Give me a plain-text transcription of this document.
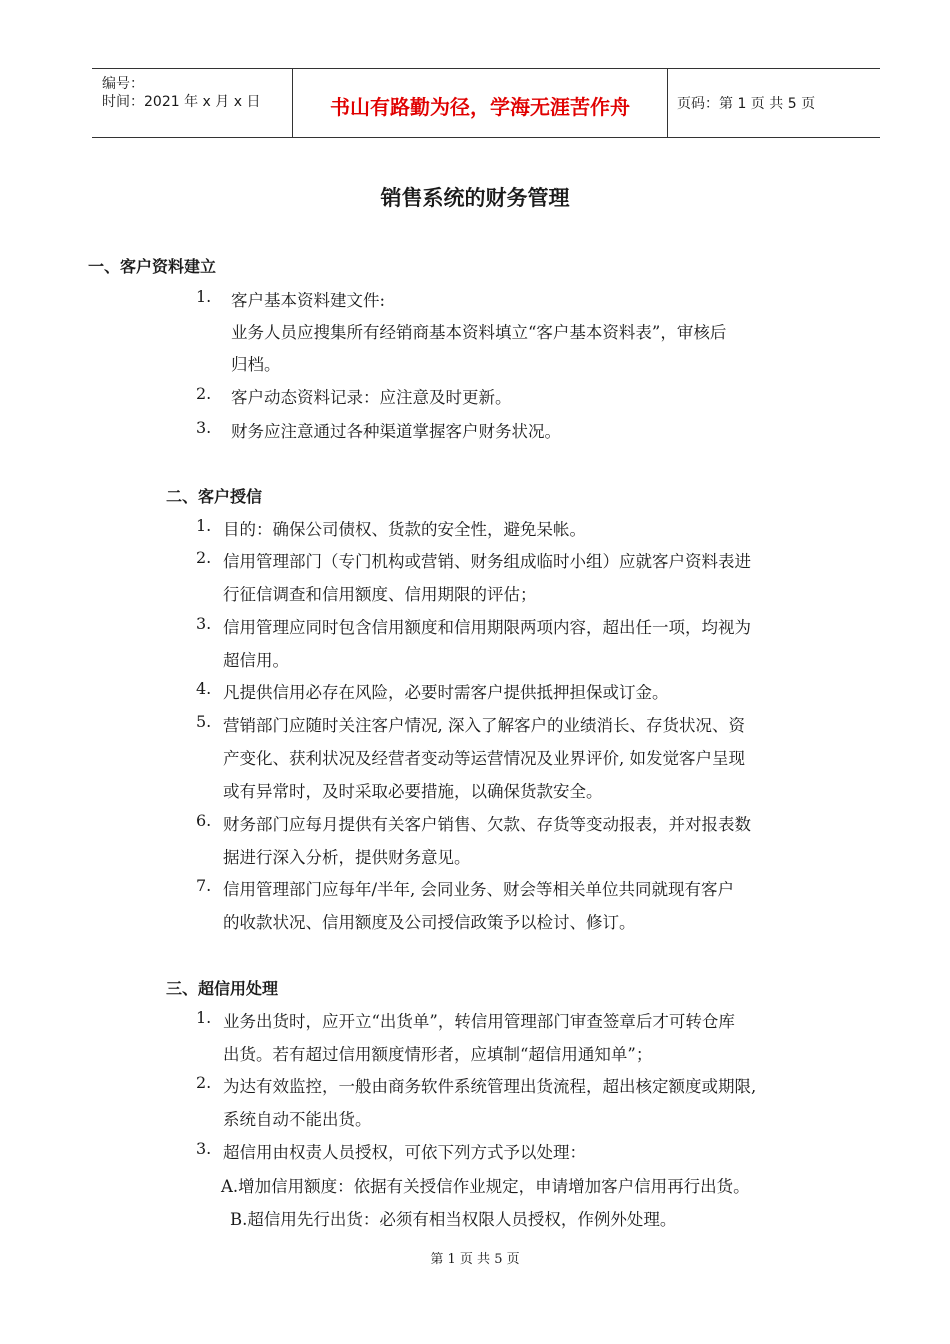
编号：
时间：2021 年 x 月 x 日	书山有路勤为径，学海无涯苦作舟	页码：第 1 页 共 5 页
销售系统的财务管理
一、客户资料建立
1. 客户基本资料建文件:
业务人员应搜集所有经销商基本资料填立“客户基本资料表”，审核后
归档。
2. 客户动态资料记录：应注意及时更新。
3. 财务应注意通过各种渠道掌握客户财务状况。
二、客户授信
1. 目的：确保公司债权、货款的安全性，避免呆帐。
2. 信用管理部门（专门机构或营销、财务组成临时小组）应就客户资料表进
行征信调查和信用额度、信用期限的评估；
3. 信用管理应同时包含信用额度和信用期限两项内容，超出任一项，均视为
超信用。
4. 凡提供信用必存在风险，必要时需客户提供抵押担保或订金。
5. 营销部门应随时关注客户情况, 深入了解客户的业绩消长、存货状况、资
产变化、获利状况及经营者变动等运营情况及业界评价, 如发觉客户呈现
或有异常时，及时采取必要措施，以确保货款安全。
6. 财务部门应每月提供有关客户销售、欠款、存货等变动报表，并对报表数
据进行深入分析，提供财务意见。
7. 信用管理部门应每年/半年, 会同业务、财会等相关单位共同就现有客户
的收款状况、信用额度及公司授信政策予以检讨、修订。
三、超信用处理
1. 业务出货时，应开立“出货单”，转信用管理部门审查签章后才可转仓库
出货。若有超过信用额度情形者，应填制“超信用通知单”；
2. 为达有效监控，一般由商务软件系统管理出货流程，超出核定额度或期限,
系统自动不能出货。
3. 超信用由权责人员授权，可依下列方式予以处理：
A.增加信用额度：依据有关授信作业规定，申请增加客户信用再行出货。
B.超信用先行出货：必须有相当权限人员授权，作例外处理。
第 1 页 共 5 页
